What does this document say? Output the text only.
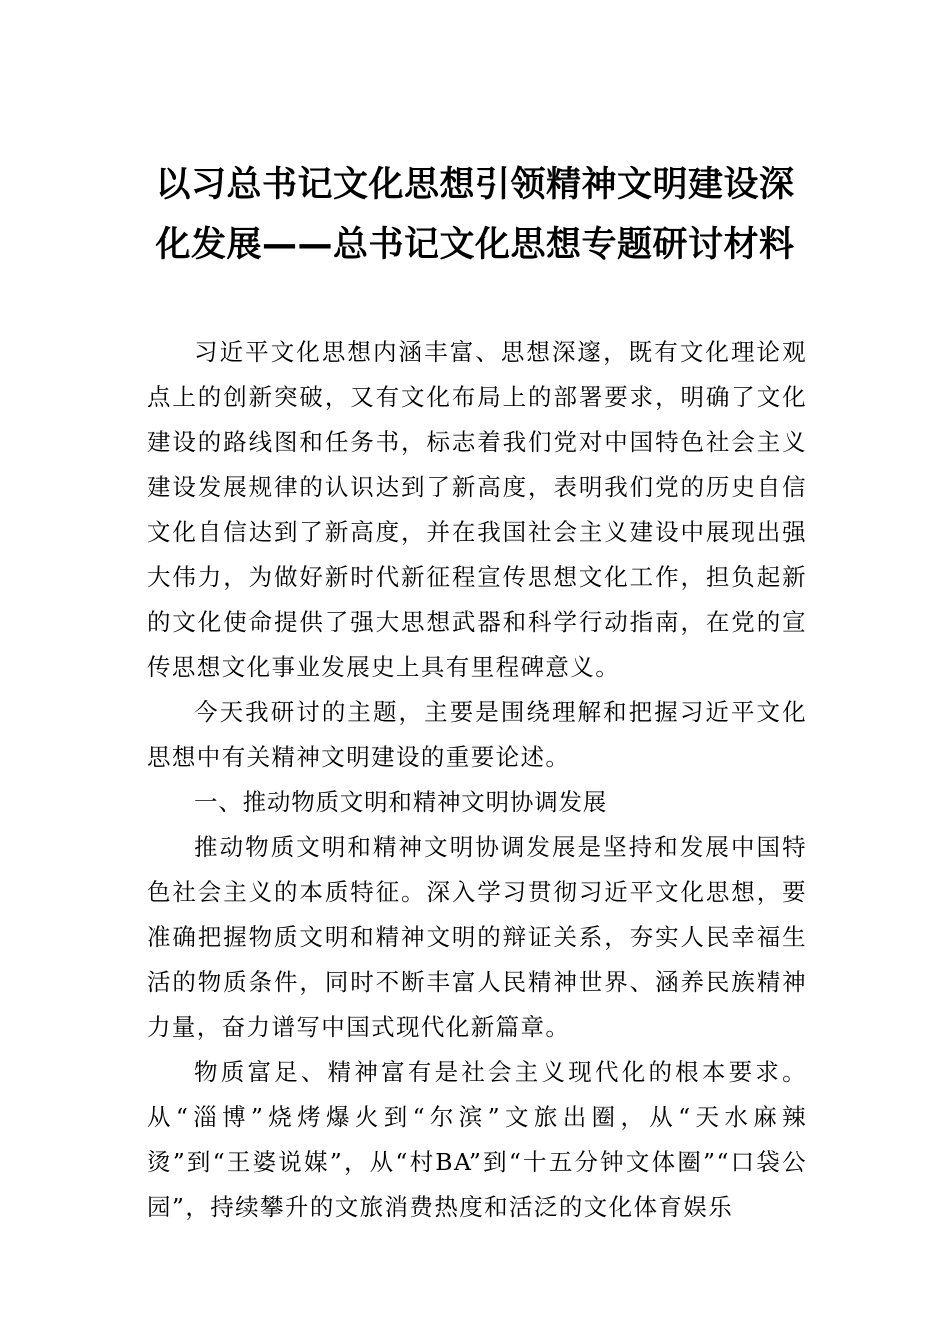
以习总书记文化思想引领精神文明建设深
化发展——总书记文化思想专题研讨材料

习近平文化思想内涵丰富、思想深邃，既有文化理论观点上的创新突破，又有文化布局上的部署要求，明确了文化建设的路线图和任务书，标志着我们党对中国特色社会主义建设发展规律的认识达到了新高度，表明我们党的历史自信文化自信达到了新高度，并在我国社会主义建设中展现出强大伟力，为做好新时代新征程宣传思想文化工作，担负起新的文化使命提供了强大思想武器和科学行动指南，在党的宣传思想文化事业发展史上具有里程碑意义。

今天我研讨的主题，主要是围绕理解和把握习近平文化思想中有关精神文明建设的重要论述。

一、推动物质文明和精神文明协调发展

推动物质文明和精神文明协调发展是坚持和发展中国特色社会主义的本质特征。深入学习贯彻习近平文化思想，要准确把握物质文明和精神文明的辩证关系，夯实人民幸福生活的物质条件，同时不断丰富人民精神世界、涵养民族精神力量，奋力谱写中国式现代化新篇章。

物质富足、精神富有是社会主义现代化的根本要求。从“淄博”烧烤爆火到“尔滨”文旅出圈，从“天水麻辣烫”到“王婆说媒”，从“村BA”到“十五分钟文体圈”“口袋公园”，持续攀升的文旅消费热度和活泛的文化体育娱乐
